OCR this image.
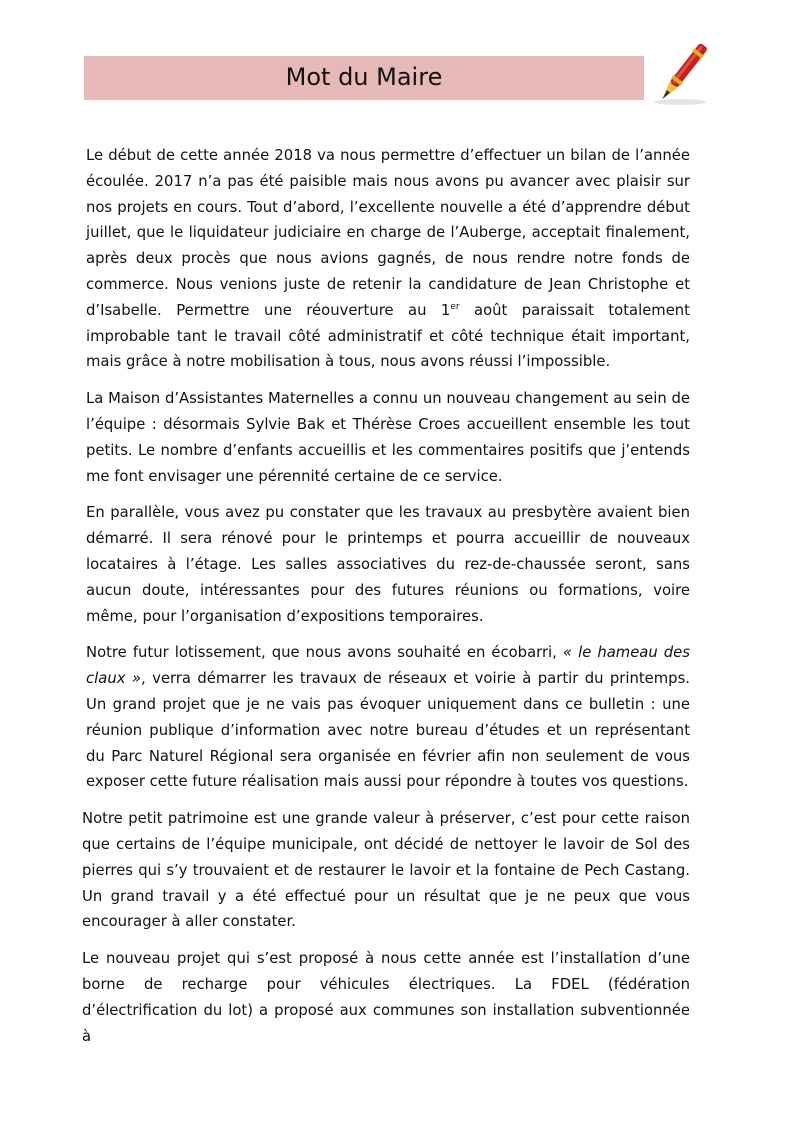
Mot du Maire

Le début de cette année 2018 va nous permettre d’effectuer un bilan de l’année écoulée. 2017 n’a pas été paisible mais nous avons pu avancer avec plaisir sur nos projets en cours. Tout d’abord, l’excellente nouvelle a été d’apprendre début juillet, que le liquidateur judiciaire en charge de l’Auberge, acceptait finalement, après deux procès que nous avions gagnés, de nous rendre notre fonds de commerce. Nous venions juste de retenir la candidature de Jean Christophe et d’Isabelle. Permettre une réouverture au 1er août paraissait totalement improbable tant le travail côté administratif et côté technique était important, mais grâce à notre mobilisation à tous, nous avons réussi l’impossible.

La Maison d’Assistantes Maternelles a connu un nouveau changement au sein de l’équipe : désormais Sylvie Bak et Thérèse Croes accueillent ensemble les tout petits. Le nombre d’enfants accueillis et les commentaires positifs que j’entends me font envisager une pérennité certaine de ce service.

En parallèle, vous avez pu constater que les travaux au presbytère avaient bien démarré. Il sera rénové pour le printemps et pourra accueillir de nouveaux locataires à l’étage. Les salles associatives du rez-de-chaussée seront, sans aucun doute, intéressantes pour des futures réunions ou formations, voire même, pour l’organisation d’expositions temporaires.

Notre futur lotissement, que nous avons souhaité en écobarri, « le hameau des claux », verra démarrer les travaux de réseaux et voirie à partir du printemps. Un grand projet que je ne vais pas évoquer uniquement dans ce bulletin : une réunion publique d’information avec notre bureau d’études et un représentant du Parc Naturel Régional sera organisée en février afin non seulement de vous exposer cette future réalisation mais aussi pour répondre à toutes vos questions.

Notre petit patrimoine est une grande valeur à préserver, c’est pour cette raison que certains de l’équipe municipale, ont décidé de nettoyer le lavoir de Sol des pierres qui s’y trouvaient et de restaurer le lavoir et la fontaine de Pech Castang. Un grand travail y a été effectué pour un résultat que je ne peux que vous encourager à aller constater.

Le nouveau projet qui s’est proposé à nous cette année est l’installation d’une borne de recharge pour véhicules électriques. La FDEL (fédération d’électrification du lot) a proposé aux communes son installation subventionnée à
